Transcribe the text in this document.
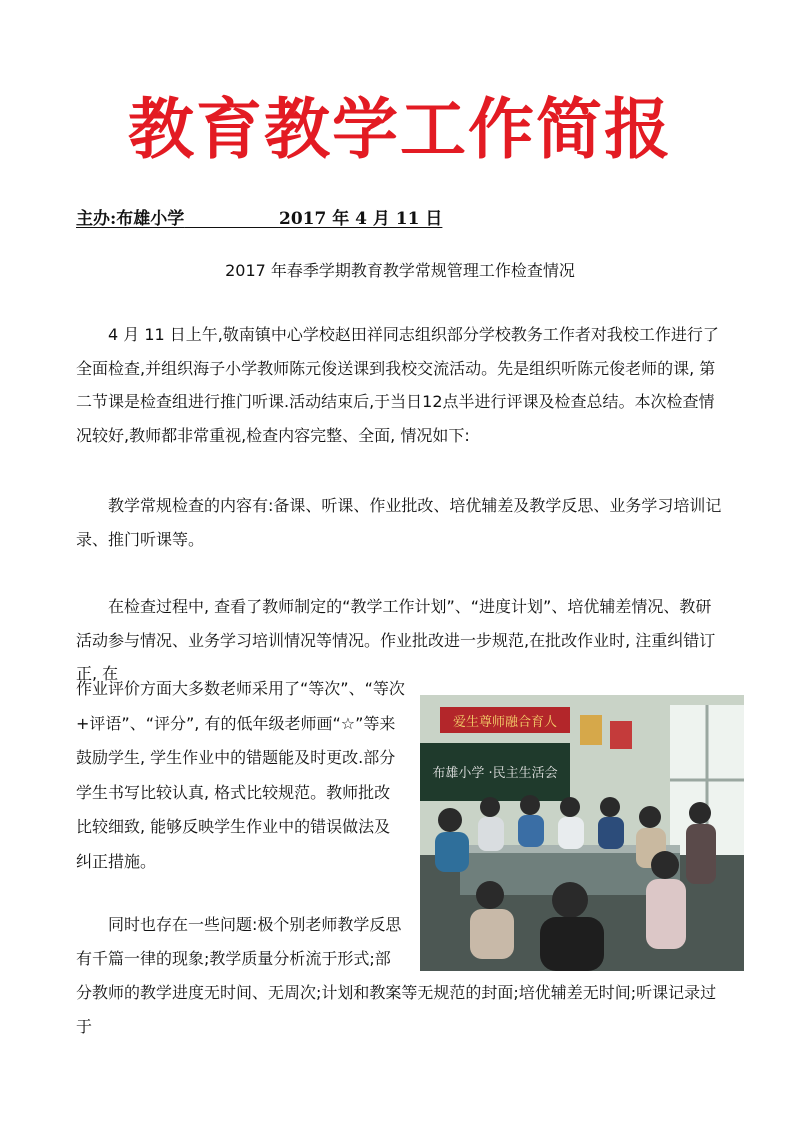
教育教学工作简报
主办:布雄小学	2017 年 4 月 11 日
2017 年春季学期教育教学常规管理工作检查情况
4 月 11 日上午,敬南镇中心学校赵田祥同志组织部分学校教务工作者对我校工作进行了全面检查,并组织海子小学教师陈元俊送课到我校交流活动。先是组织听陈元俊老师的课, 第二节课是检查组进行推门听课.活动结束后,于当日12点半进行评课及检查总结。本次检查情况较好,教师都非常重视,检查内容完整、全面, 情况如下:
教学常规检查的内容有:备课、听课、作业批改、培优辅差及教学反思、业务学习培训记录、推门听课等。
在检查过程中, 查看了教师制定的“教学工作计划”、“进度计划”、培优辅差情况、教研活动参与情况、业务学习培训情况等情况。作业批改进一步规范,在批改作业时, 注重纠错订正, 在
作业评价方面大多数老师采用了“等次”、“等次+评语”、“评分”, 有的低年级老师画“☆”等来鼓励学生, 学生作业中的错题能及时更改.部分学生书写比较认真, 格式比较规范。教师批改比较细致, 能够反映学生作业中的错误做法及纠正措施。
同时也存在一些问题:极个别老师教学反思有千篇一律的现象;教学质量分析流于形式;部
分教师的教学进度无时间、无周次;计划和教案等无规范的封面;培优辅差无时间;听课记录过于
爱生尊师融合育人
布雄小学 ·民主生活会
